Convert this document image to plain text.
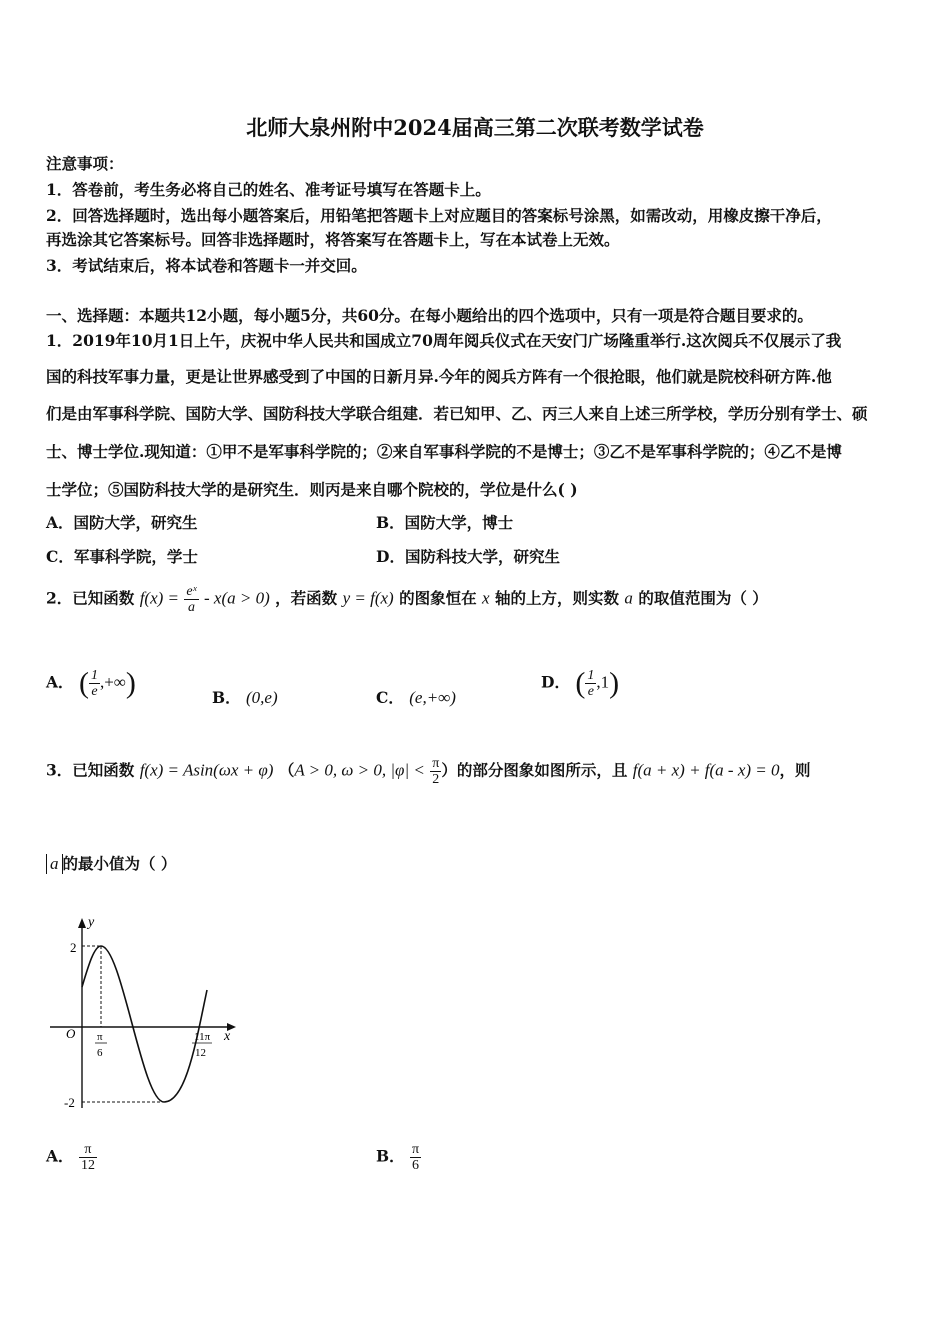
北师大泉州附中2024届高三第二次联考数学试卷
注意事项：
1．答卷前，考生务必将自己的姓名、准考证号填写在答题卡上。
2．回答选择题时，选出每小题答案后，用铅笔把答题卡上对应题目的答案标号涂黑，如需改动，用橡皮擦干净后，
再选涂其它答案标号。回答非选择题时，将答案写在答题卡上，写在本试卷上无效。
3．考试结束后，将本试卷和答题卡一并交回。
一、选择题：本题共12小题，每小题5分，共60分。在每小题给出的四个选项中，只有一项是符合题目要求的。
1．2019年10月1日上午，庆祝中华人民共和国成立70周年阅兵仪式在天安门广场隆重举行.这次阅兵不仅展示了我
国的科技军事力量，更是让世界感受到了中国的日新月异.今年的阅兵方阵有一个很抢眼，他们就是院校科研方阵.他
们是由军事科学院、国防大学、国防科技大学联合组建．若已知甲、乙、丙三人来自上述三所学校，学历分别有学士、硕
士、博士学位.现知道：①甲不是军事科学院的；②来自军事科学院的不是博士；③乙不是军事科学院的；④乙不是博
士学位；⑤国防科技大学的是研究生．则丙是来自哪个院校的，学位是什么( )
A．国防大学，研究生	B．国防大学，博士
C．军事科学院，学士	D．国防科技大学，研究生
2．已知函数 $f(x) = \frac{\text{eˣ}}{a} - x(a > 0)$ ，若函数 y = f(x) 的图象恒在 x 轴的上方，则实数 a 的取值范围为（ ）
A． ( $\frac{1}{e}$ ,+∞)	B． (0,e)	C． (e,+∞)
D． ( $\frac{1}{e} ,1$)
3．已知函数 f(x) = Asin(ωx + φ) （A > 0, ω > 0, $|\varphi| < \frac{\pi}{2}$ ）的部分图象如图所示，且 f(a + x) + f(a - x) = 0，则
a 的最小值为（ ）
y
x
O
2
-2
π
6
11π
12
A． $\frac{\pi}{12}$	B． $\frac{\pi}{6}$
